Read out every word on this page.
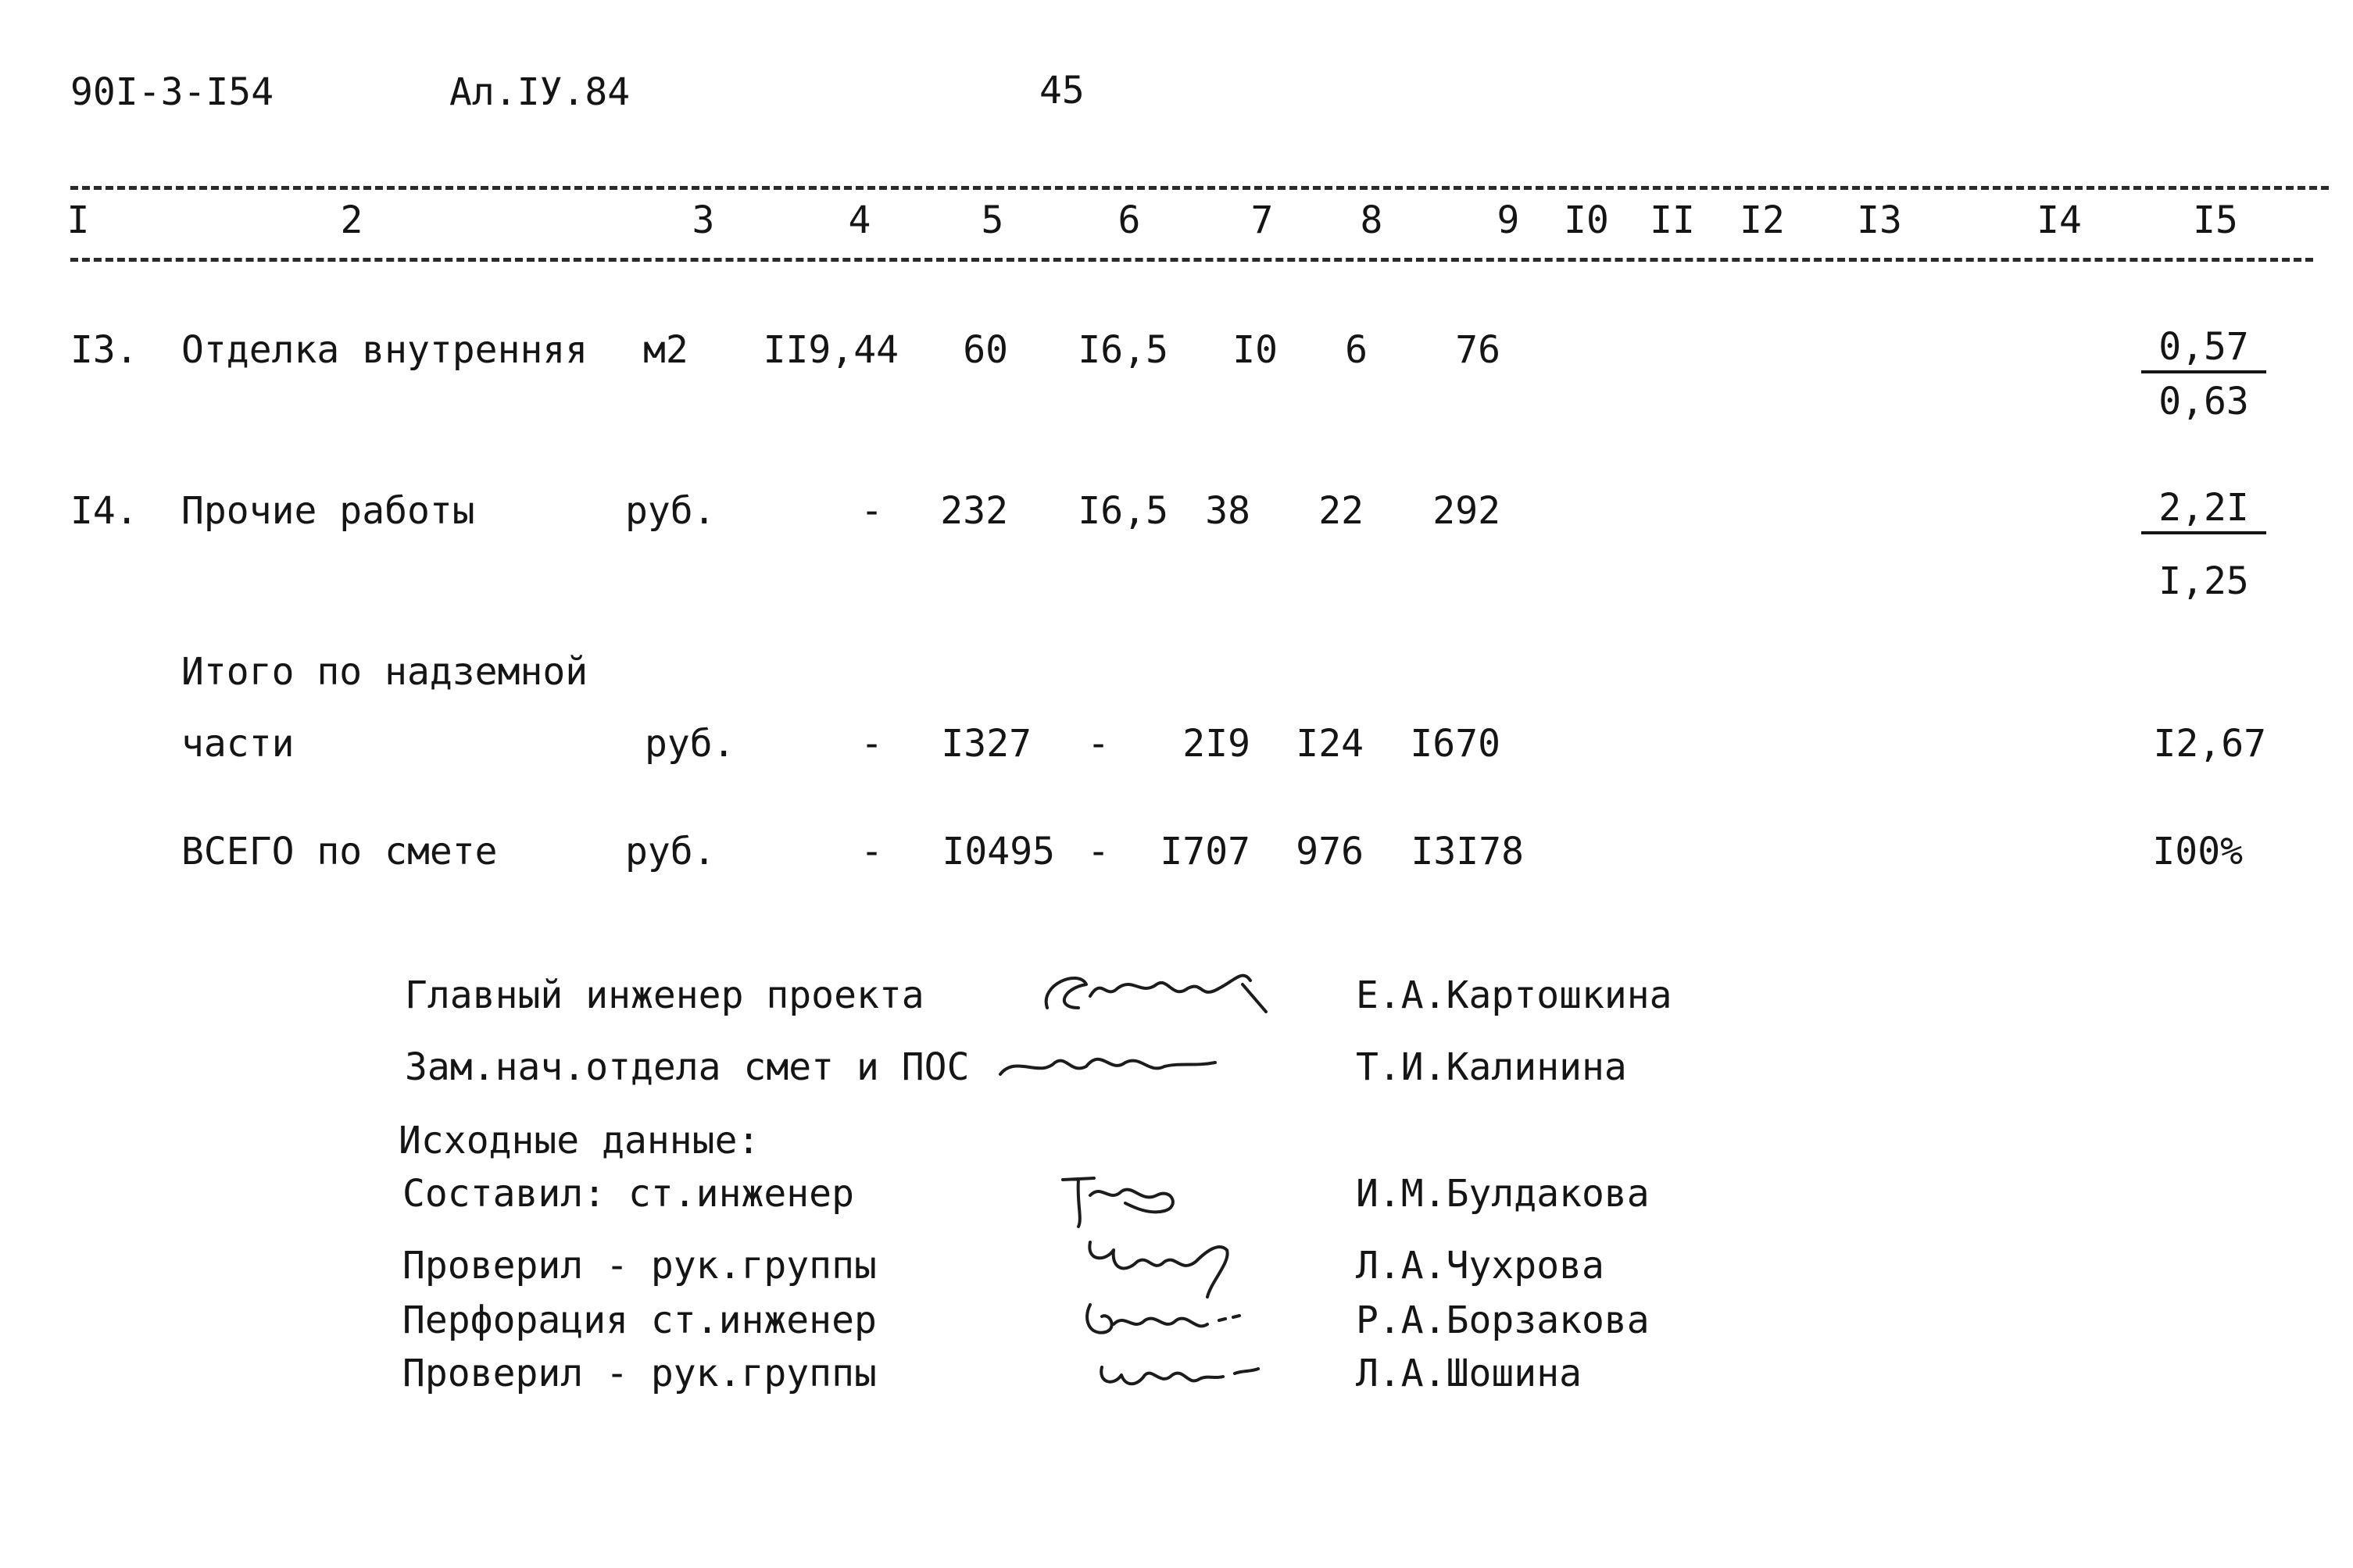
90I-3-I54	Ал.IУ.84	45
I	2	3	4	5	6	7	8	9	I0 II I2 I3	I4	I5
I3. Отделка внутренняя м2	II9,44	60	I6,5	I0	6	76	$\frac{0,57}{0,63}$
I4. Прочие работы	руб.	-	232	I6,5 38	22	292	$\frac{2,2I}{I,25}$
Итого по надземной
части	руб.	-	I327 -	2I9	I24	I670	I2,67
ВСЕГО по смете	руб.	-	I0495 -	I707	976	I3I78	I00%
Главный инженер проекта	Е.А.Картошкина
Зам.нач.отдела смет и ПОС	Т.И.Калинина
Исходные данные:
Составил: ст.инженер	И.М.Булдакова
Проверил - рук.группы	Л.А.Чухрова
Перфорация ст.инженер	Р.А.Борзакова
Проверил - рук.группы	Л.А.Шошина
